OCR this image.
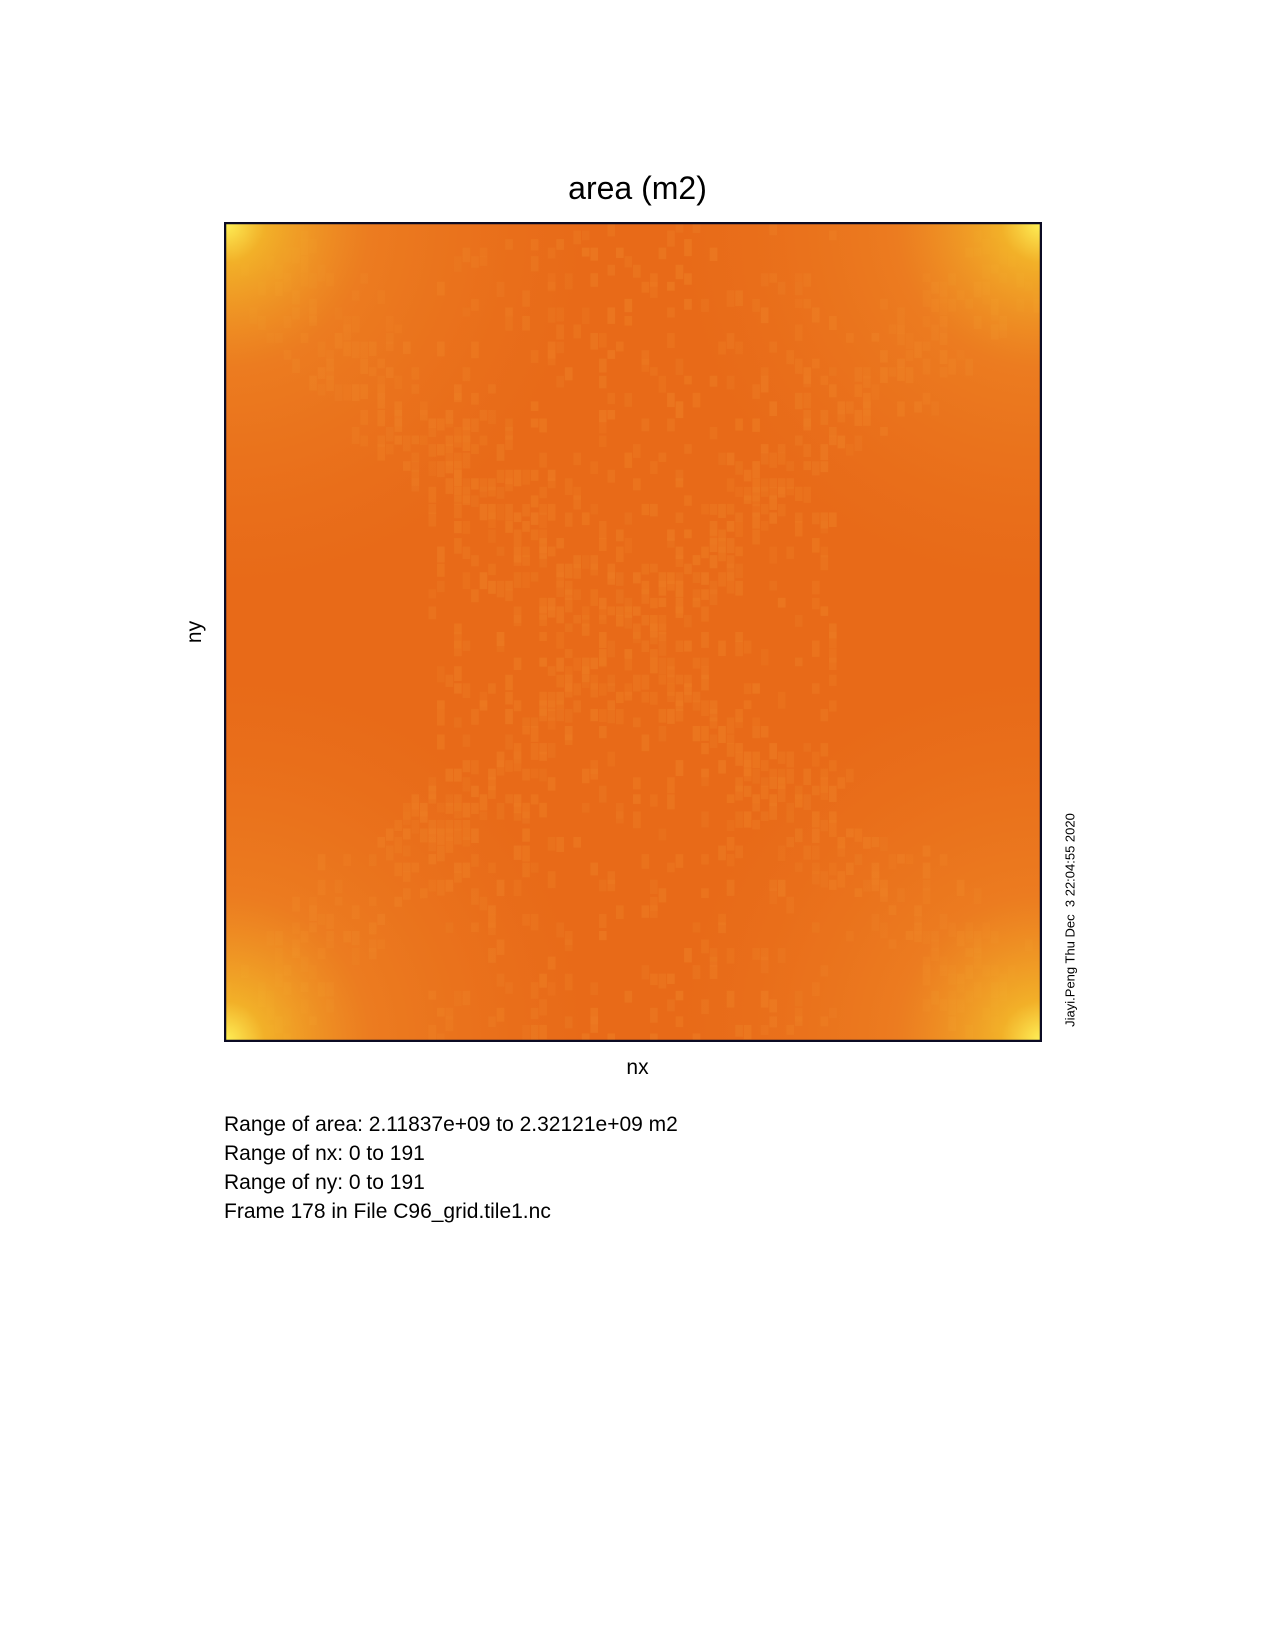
area (m2)
ny
nx
Jiayi.Peng Thu Dec  3 22:04:55 2020
Range of area: 2.11837e+09 to 2.32121e+09 m2
Range of nx: 0 to 191
Range of ny: 0 to 191
Frame 178 in File C96_grid.tile1.nc
